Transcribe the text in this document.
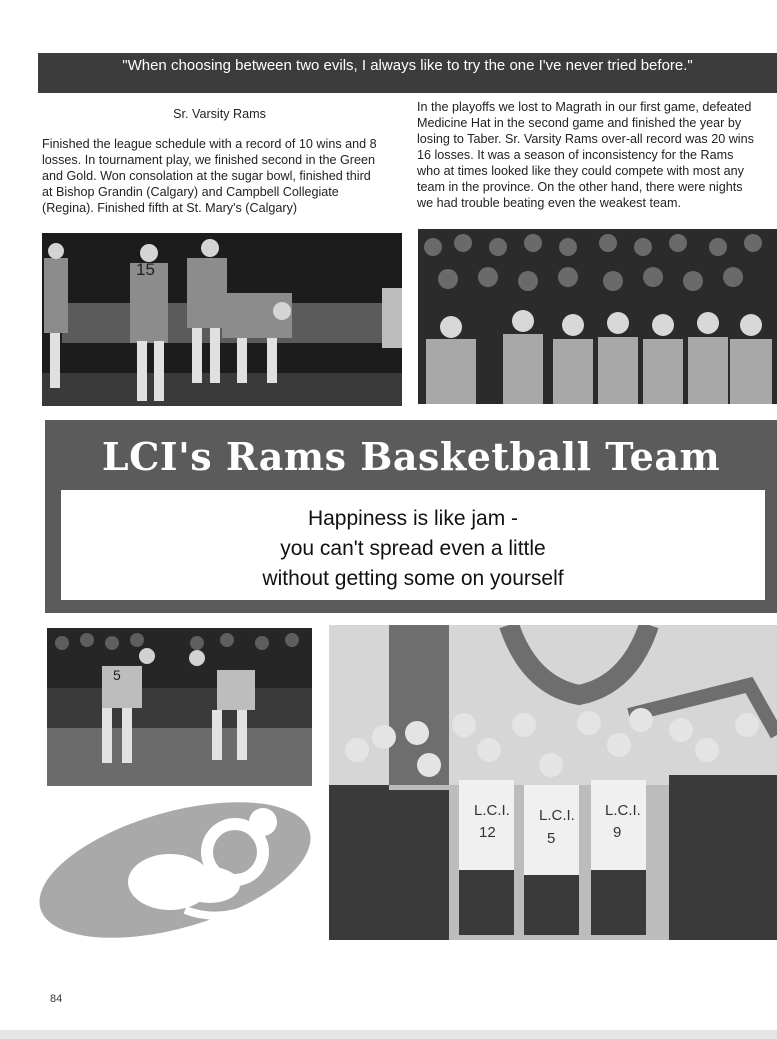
"When choosing between two evils, I always like to try the one I've never tried before."
Sr. Varsity Rams
Finished the league schedule with a record of 10 wins and 8
losses. In tournament play, we finished second in the Green
and Gold. Won consolation at the sugar bowl, finished third
at Bishop Grandin (Calgary) and Campbell Collegiate
(Regina). Finished fifth at St. Mary's (Calgary)
In the playoffs we lost to Magrath in our first game, defeated
Medicine Hat in the second game and finished the year by
losing to Taber. Sr. Varsity Rams over-all record was 20 wins
16 losses. It was a season of inconsistency for the Rams
who at times looked like they could compete with most any
team in the province. On the other hand, there were nights
we had trouble beating even the weakest team.
15
LCI's Rams Basketball Team
Happiness is like jam -
you can't spread even a little
without getting some on yourself
5
L.C.I. L.C.I. L.C.I.
12	5	9
84
